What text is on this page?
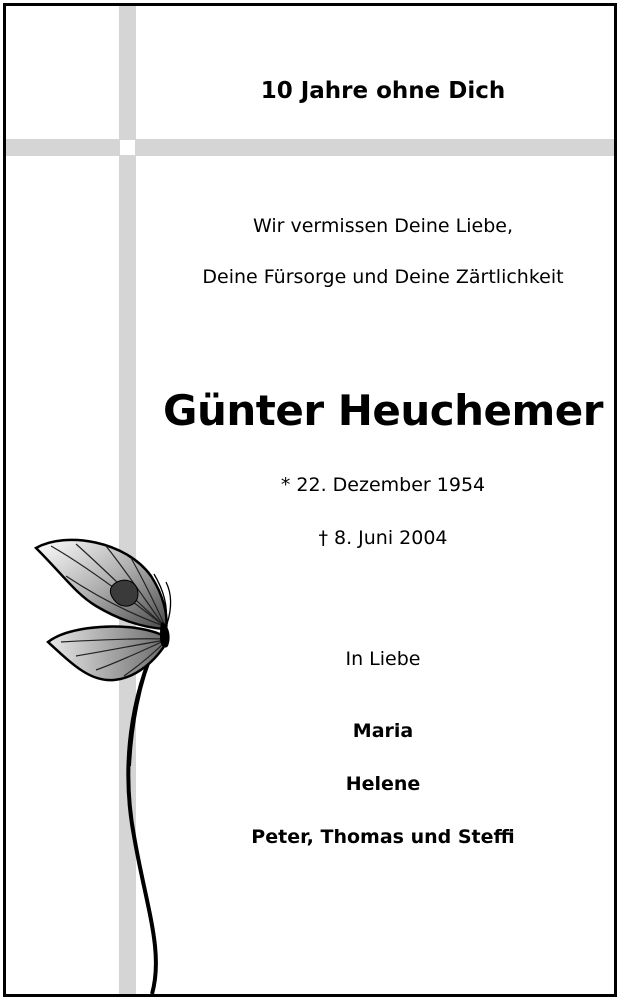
10 Jahre ohne Dich
Wir vermissen Deine Liebe,
Deine Fürsorge und Deine Zärtlichkeit
Günter Heuchemer
* 22. Dezember 1954
† 8. Juni 2004
In Liebe
Maria
Helene
Peter, Thomas und Steffi
